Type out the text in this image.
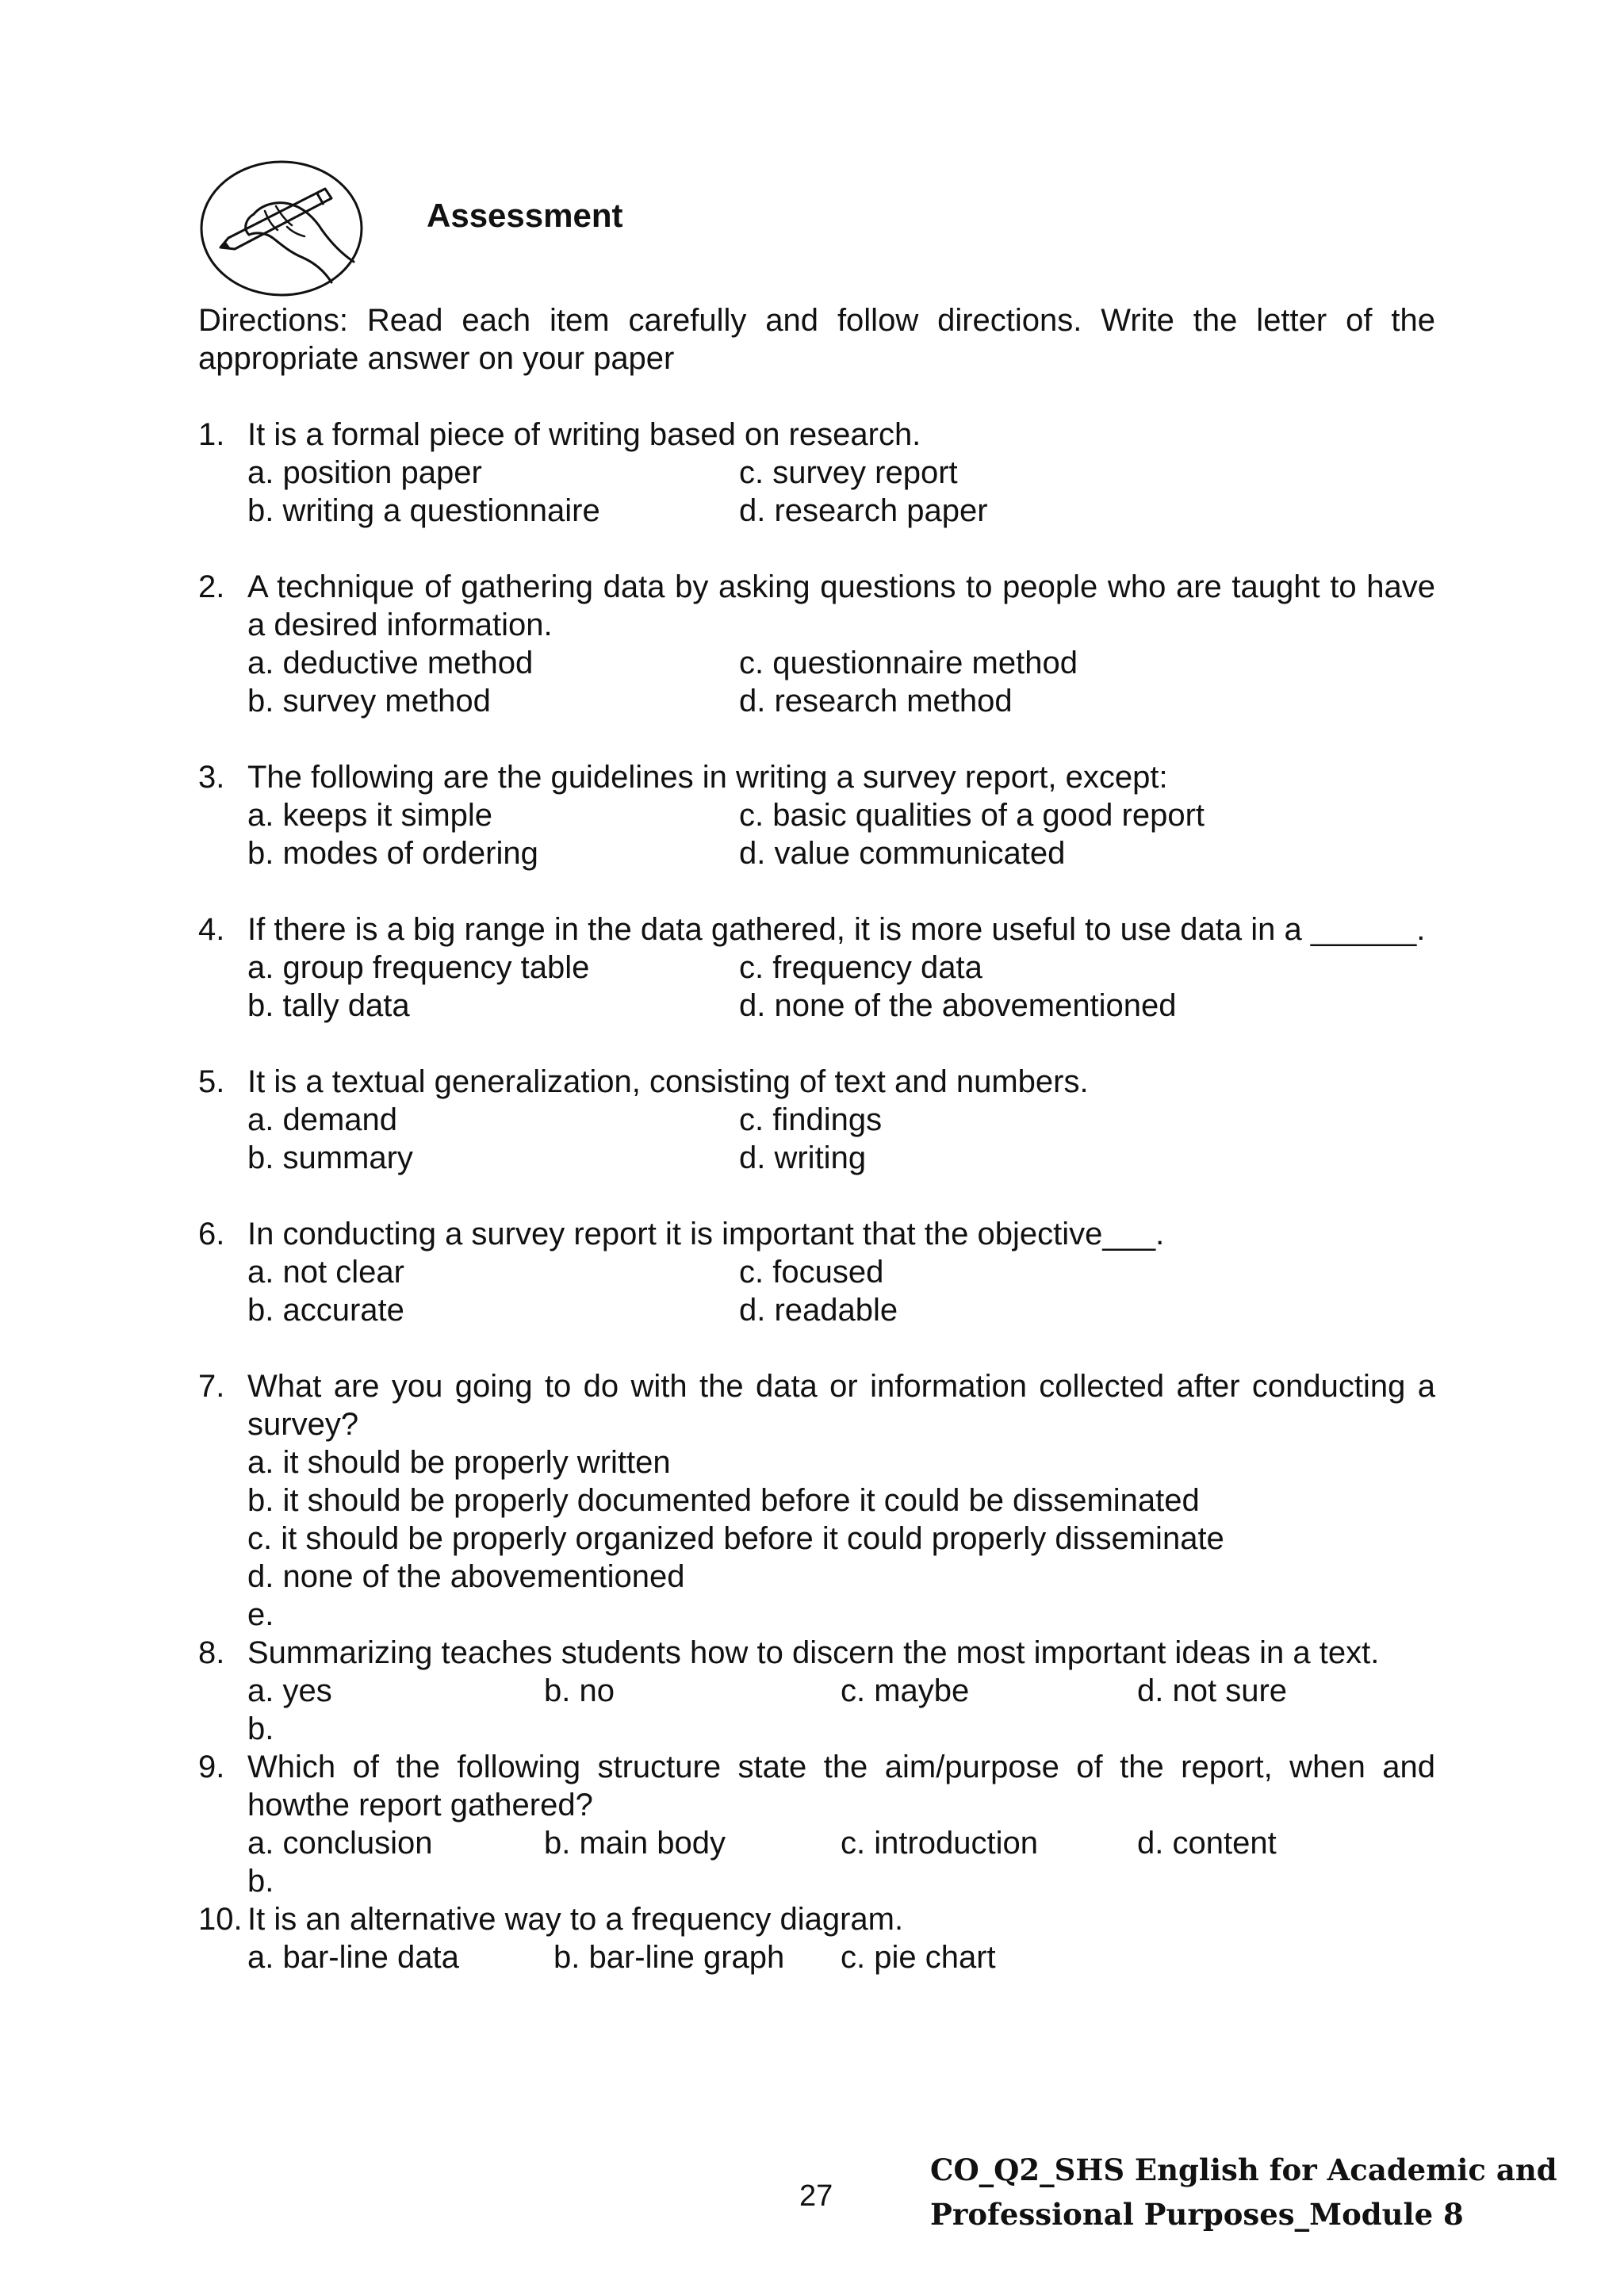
Assessment

Directions: Read each item carefully and follow directions. Write the letter of the appropriate answer on your paper

1. It is a formal piece of writing based on research.
a. position paper	c. survey report
b. writing a questionnaire	d. research paper
2. A technique of gathering data by asking questions to people who are taught to have a desired information.
a. deductive method	c. questionnaire method
b. survey method	d. research method
3. The following are the guidelines in writing a survey report, except:
a. keeps it simple	c. basic qualities of a good report
b. modes of ordering	d. value communicated
4. If there is a big range in the data gathered, it is more useful to use data in a ______.
a. group frequency table	c. frequency data
b. tally data	d. none of the abovementioned
5. It is a textual generalization, consisting of text and numbers.
a. demand	c. findings
b. summary	d. writing
6. In conducting a survey report it is important that the objective___.
a. not clear	c. focused
b. accurate	d. readable
7. What are you going to do with the data or information collected after conducting a survey?
a. it should be properly written
b. it should be properly documented before it could be disseminated
c. it should be properly organized before it could properly disseminate
d. none of the abovementioned
e.
8. Summarizing teaches students how to discern the most important ideas in a text.
a. yes	b. no	c. maybe	d. not sure
b.
9. Which of the following structure state the aim/purpose of the report, when and howthe report gathered?
a. conclusion	b. main body	c. introduction	d. content
b.
10. It is an alternative way to a frequency diagram.
a. bar-line data	b. bar-line graph	c. pie chart
27
CO_Q2_SHS English for Academic and
Professional Purposes_Module 8
